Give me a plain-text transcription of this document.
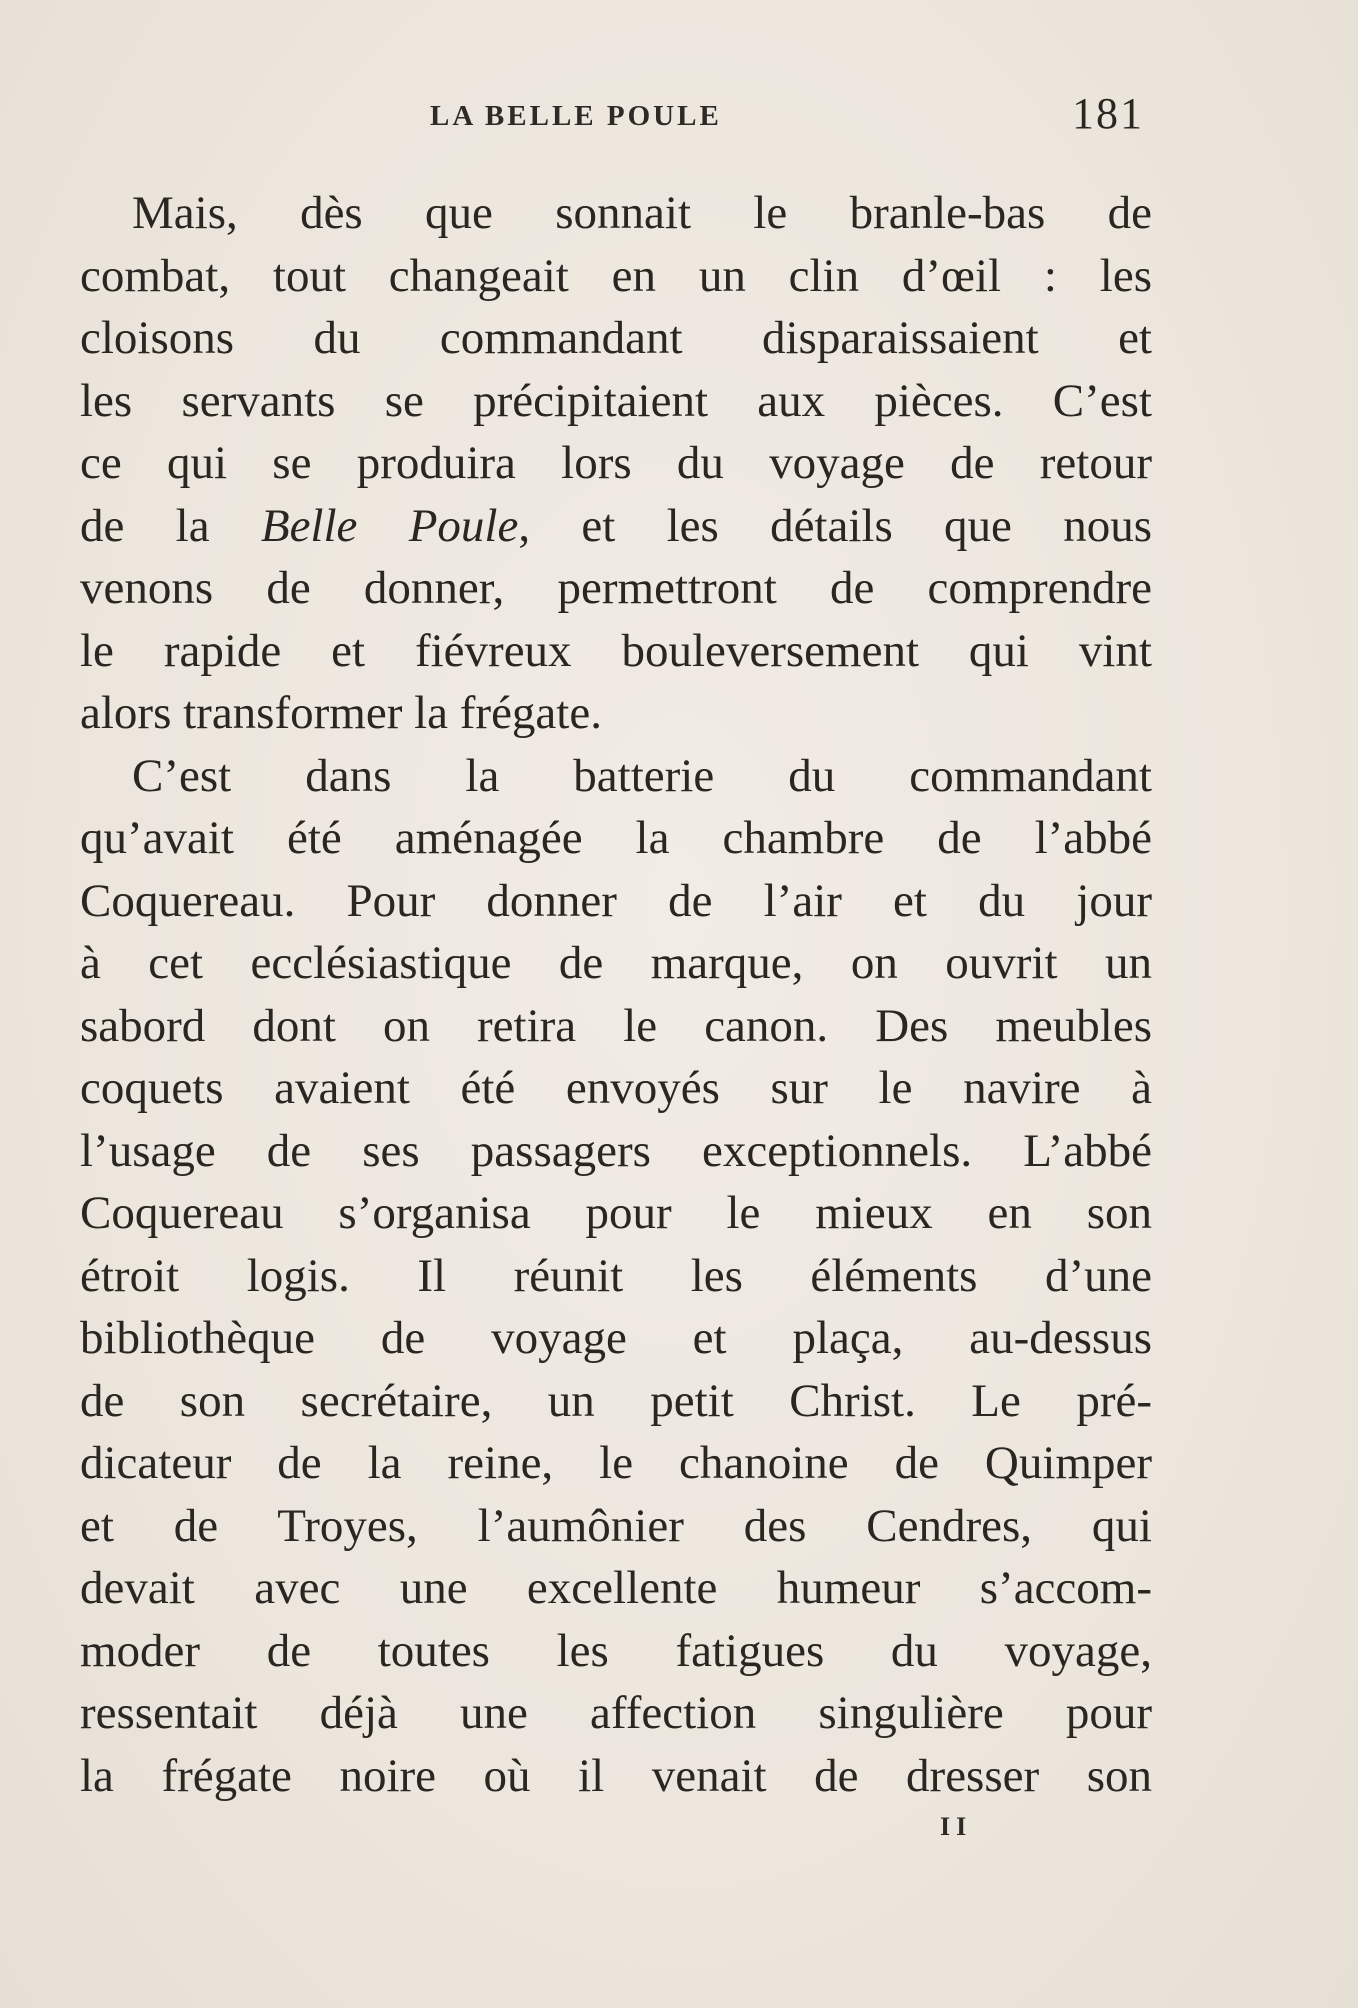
LA BELLE POULE	181
Mais, dès que sonnait le branle-bas de
combat, tout changeait en un clin d’œil : les
cloisons du commandant disparaissaient et
les servants se précipitaient aux pièces. C’est
ce qui se produira lors du voyage de retour
de la Belle Poule, et les détails que nous
venons de donner, permettront de comprendre
le rapide et fiévreux bouleversement qui vint
alors transformer la frégate.
C’est dans la batterie du commandant
qu’avait été aménagée la chambre de l’abbé
Coquereau. Pour donner de l’air et du jour
à cet ecclésiastique de marque, on ouvrit un
sabord dont on retira le canon. Des meubles
coquets avaient été envoyés sur le navire à
l’usage de ses passagers exceptionnels. L’abbé
Coquereau s’organisa pour le mieux en son
étroit logis. Il réunit les éléments d’une
bibliothèque de voyage et plaça, au-dessus
de son secrétaire, un petit Christ. Le pré-
dicateur de la reine, le chanoine de Quimper
et de Troyes, l’aumônier des Cendres, qui
devait avec une excellente humeur s’accom-
moder de toutes les fatigues du voyage,
ressentait déjà une affection singulière pour
la frégate noire où il venait de dresser son
II
